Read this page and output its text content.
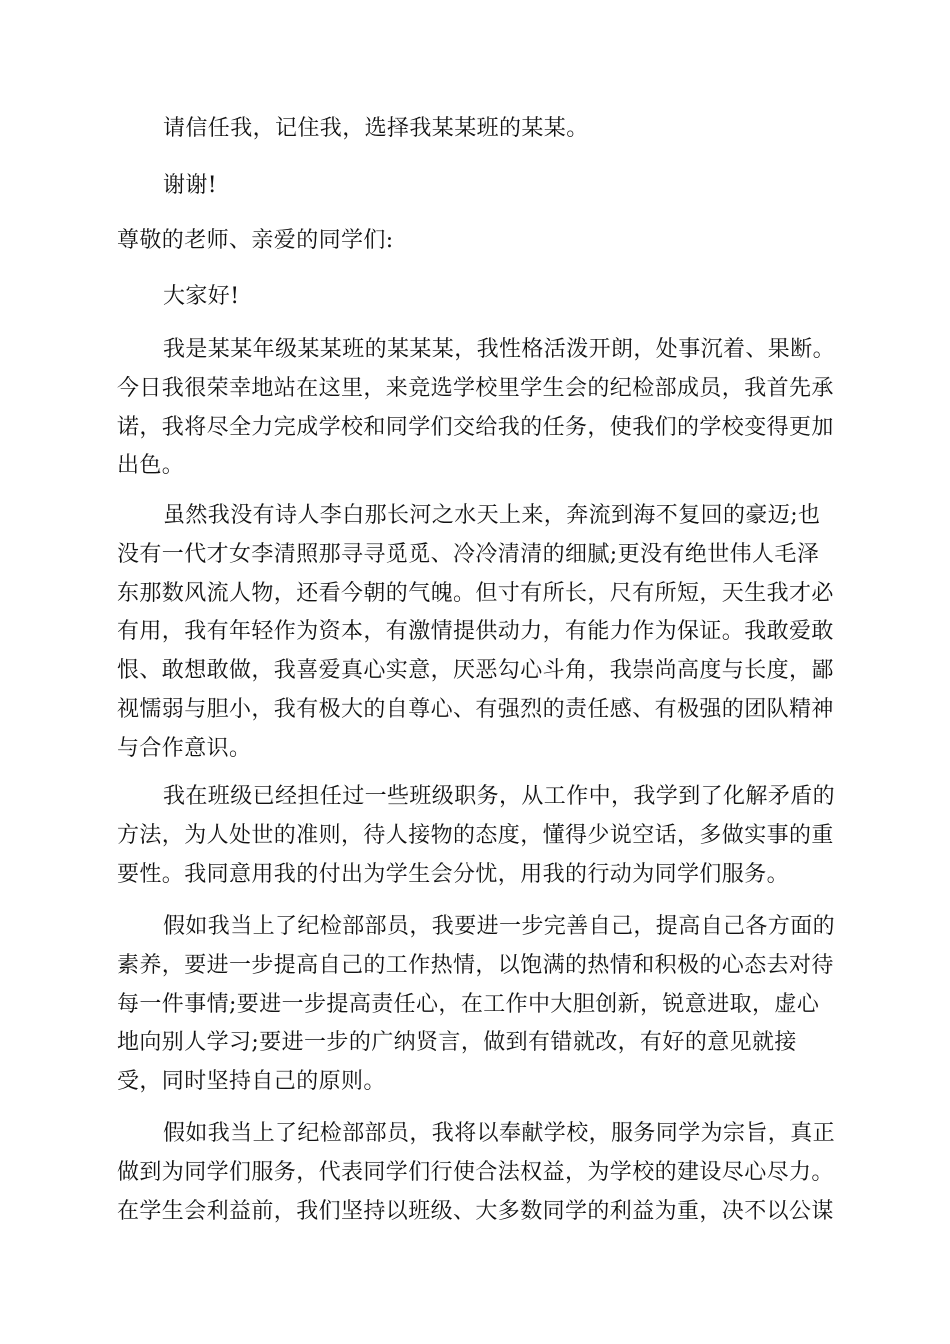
请信任我，记住我，选择我某某班的某某。
谢谢!
尊敬的老师、亲爱的同学们:
大家好!
我是某某年级某某班的某某某，我性格活泼开朗，处事沉着、果断。
今日我很荣幸地站在这里，来竞选学校里学生会的纪检部成员，我首先承
诺，我将尽全力完成学校和同学们交给我的任务，使我们的学校变得更加
出色。
虽然我没有诗人李白那长河之水天上来，奔流到海不复回的豪迈;也
没有一代才女李清照那寻寻觅觅、冷冷清清的细腻;更没有绝世伟人毛泽
东那数风流人物，还看今朝的气魄。但寸有所长，尺有所短，天生我才必
有用，我有年轻作为资本，有激情提供动力，有能力作为保证。我敢爱敢
恨、敢想敢做，我喜爱真心实意，厌恶勾心斗角，我崇尚高度与长度，鄙
视懦弱与胆小，我有极大的自尊心、有强烈的责任感、有极强的团队精神
与合作意识。
我在班级已经担任过一些班级职务，从工作中，我学到了化解矛盾的
方法，为人处世的准则，待人接物的态度，懂得少说空话，多做实事的重
要性。我同意用我的付出为学生会分忧，用我的行动为同学们服务。
假如我当上了纪检部部员，我要进一步完善自己，提高自己各方面的
素养，要进一步提高自己的工作热情，以饱满的热情和积极的心态去对待
每一件事情;要进一步提高责任心，在工作中大胆创新，锐意进取，虚心
地向别人学习;要进一步的广纳贤言，做到有错就改，有好的意见就接
受，同时坚持自己的原则。
假如我当上了纪检部部员，我将以奉献学校，服务同学为宗旨，真正
做到为同学们服务，代表同学们行使合法权益，为学校的建设尽心尽力。
在学生会利益前，我们坚持以班级、大多数同学的利益为重，决不以公谋
